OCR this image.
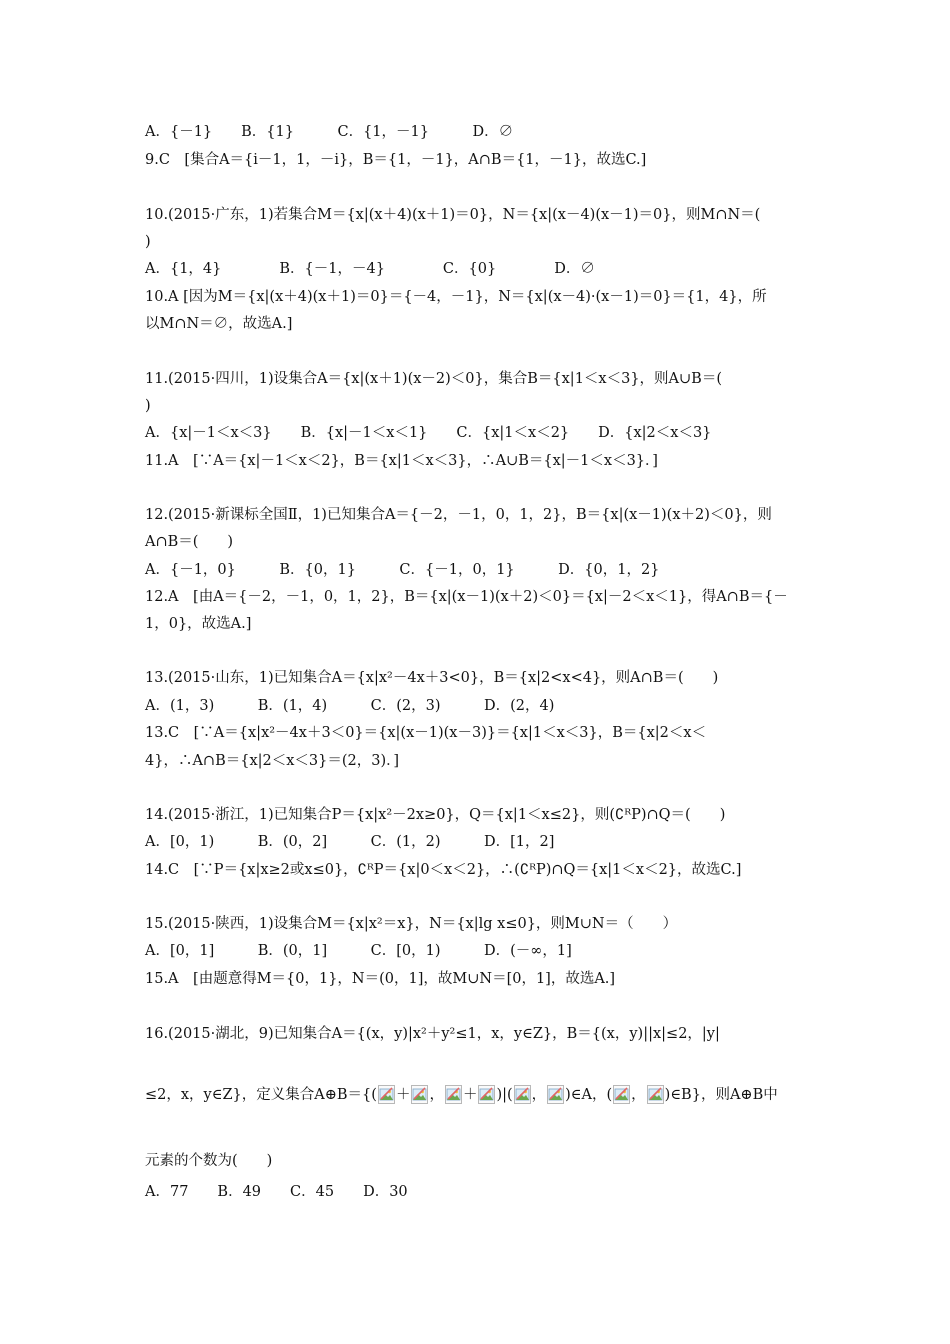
A．{－1}　　B．{1}　　　C．{1，－1}　　　D．∅
9.C　[集合A＝{i－1，1，－i}，B＝{1，－1}，A∩B＝{1，－1}，故选C.]
10.(2015·广东，1)若集合M＝{x|(x＋4)(x＋1)＝0}，N＝{x|(x－4)(x－1)＝0}，则M∩N＝(
)
A．{1，4}　　　　B．{－1，－4}　　　　C．{0}　　　　D．∅
10.A [因为M＝{x|(x＋4)(x＋1)＝0}＝{－4，－1}，N＝{x|(x－4)·(x－1)＝0}＝{1，4}，所
以M∩N＝∅，故选A.]
11.(2015·四川，1)设集合A＝{x|(x＋1)(x－2)＜0}，集合B＝{x|1＜x＜3}，则A∪B＝(
)
A．{x|－1＜x＜3}　　B．{x|－1＜x＜1}　　C．{x|1＜x＜2}　　D．{x|2＜x＜3}
11.A　[∵A＝{x|－1＜x＜2}，B＝{x|1＜x＜3}，∴A∪B＝{x|－1＜x＜3}．]
12.(2015·新课标全国Ⅱ，1)已知集合A＝{－2，－1，0，1，2}，B＝{x|(x－1)(x＋2)＜0}，则
A∩B＝(　　)
A．{－1，0}　　　B．{0，1}　　　C．{－1，0，1}　　　D．{0，1，2}
12.A　[由A＝{－2，－1，0，1，2}，B＝{x|(x－1)(x＋2)＜0}＝{x|－2＜x＜1}，得A∩B＝{－
1，0}，故选A.]
13.(2015·山东，1)已知集合A＝{x|x²－4x＋3<0}，B＝{x|2<x<4}，则A∩B＝(　　)
A．(1，3)　　　B．(1，4)　　　C．(2，3)　　　D．(2，4)
13.C　[∵A＝{x|x²－4x＋3＜0}＝{x|(x－1)(x－3)}＝{x|1＜x＜3}，B＝{x|2＜x＜
4}，∴A∩B＝{x|2＜x＜3}＝(2，3)．]
14.(2015·浙江，1)已知集合P＝{x|x²－2x≥0}，Q＝{x|1＜x≤2}，则(∁ᴿP)∩Q＝(　　)
A．[0，1)　　　B．(0，2]　　　C．(1，2)　　　D．[1，2]
14.C　[∵P＝{x|x≥2或x≤0}，∁ᴿP＝{x|0＜x＜2}，∴(∁ᴿP)∩Q＝{x|1＜x＜2}，故选C.]
15.(2015·陕西，1)设集合M＝{x|x²＝x}，N＝{x|lg x≤0}，则M∪N＝（　　）
A．[0，1]　　　B．(0，1]　　　C．[0，1)　　　D．(－∞，1]
15.A　[由题意得M＝{0，1}，N＝(0，1]，故M∪N＝[0，1]，故选A.]
16.(2015·湖北，9)已知集合A＝{(x，y)|x²＋y²≤1，x，y∈Z}，B＝{(x，y)||x|≤2，|y|
≤2，x，y∈Z}，定义集合A⊕B＝{( ＋ ， ＋ )|( ， )∈A，( ， )∈B}，则A⊕B中
元素的个数为(　　)
A．77　　B．49　　C．45　　D．30
